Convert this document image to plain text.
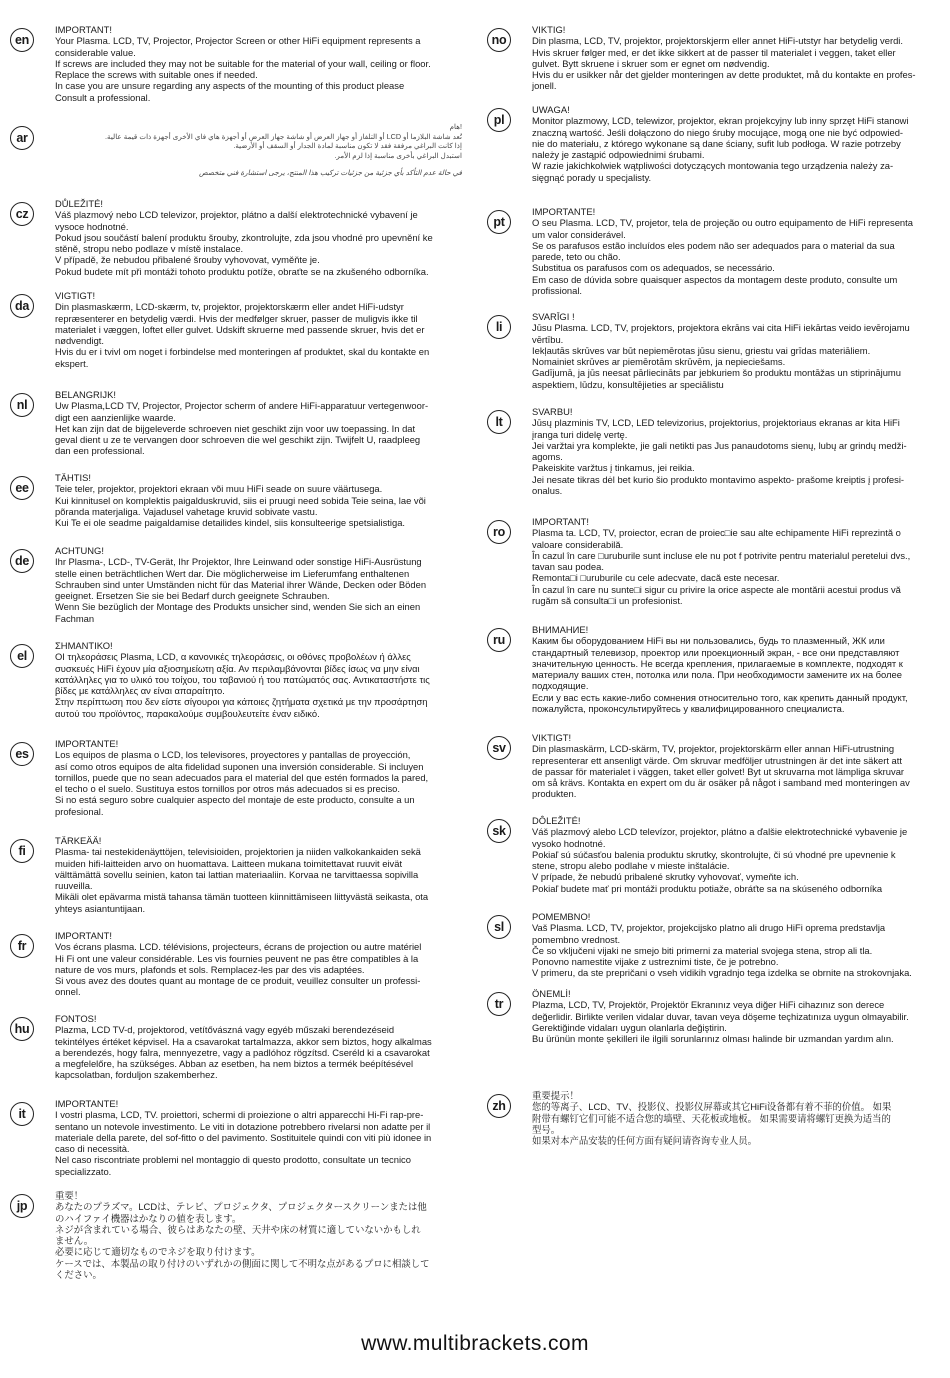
en

IMPORTANT!

Your Plasma. LCD, TV, Projector, Projector Screen or other HiFi equipment represents a
considerable value.
If screws are included they may not be suitable for the material of your wall, ceiling or floor.
Replace the screws with suitable ones if needed.
In case you are unsure regarding any aspects of the mounting of this product please
Consult a professional.

ar

!هام

تُعد شاشة البلازما أو LCD أو التلفاز أو جهاز العرض أو شاشة جهاز العرض أو أجهزة هاي فاي الأخرى أجهزة ذات قيمة عالية.
إذا كانت البراغي مرفقة فقد لا تكون مناسبة لمادة الجدار أو السقف أو الأرضية.
استبدل البراغي بأخرى مناسبة إذا لزم الأمر.

في حالة عدم التأكد بأي جزئية من جزئيات تركيب هذا المنتج، يرجى استشارة فني متخصص

cz

DŮLEŽITÉ!

Váš plazmový nebo LCD televizor, projektor, plátno a další elektrotechnické vybavení je
vysoce hodnotné.
Pokud jsou součástí balení produktu šrouby, zkontrolujte, zda jsou vhodné pro upevnění ke
stěně, stropu nebo podlaze v místě instalace.
V případě, že nebudou přibalené šrouby vyhovovat, vyměňte je.
Pokud budete mít při montáži tohoto produktu potíže, obraťte se na zkušeného odborníka.

da

VIGTIGT!

Din plasmaskærm, LCD-skærm, tv, projektor, projektorskærm eller andet HiFi-udstyr
repræsenterer en betydelig værdi. Hvis der medfølger skruer, passer de muligvis ikke til
materialet i væggen, loftet eller gulvet. Udskift skruerne med passende skruer, hvis det er
nødvendigt.
Hvis du er i tvivl om noget i forbindelse med monteringen af produktet, skal du kontakte en
ekspert.

nl

BELANGRIJK!

Uw Plasma,LCD TV, Projector, Projector scherm of andere HiFi-apparatuur vertegenwoor-
digt een aanzienlijke waarde.
Het kan zijn dat de bijgeleverde schroeven niet geschikt zijn voor uw toepassing. In dat
geval dient u ze te vervangen door schroeven die wel geschikt zijn. Twijfelt U, raadpleeg
dan een professional.

ee

TÄHTIS!

Teie teler, projektor, projektori ekraan või muu HiFi seade on suure väärtusega.
Kui kinnitusel on komplektis paigalduskruvid, siis ei pruugi need sobida Teie seina, lae või
põranda materjaliga. Vajadusel vahetage kruvid sobivate vastu.
Kui Te ei ole seadme paigaldamise detailides kindel, siis konsulteerige spetsialistiga.

de

ACHTUNG!

Ihr Plasma-, LCD-, TV-Gerät, Ihr Projektor, Ihre Leinwand oder sonstige HiFi-Ausrüstung
stelle einen beträchtlichen Wert dar. Die möglicherweise im Lieferumfang enthaltenen
Schrauben sind unter Umständen nicht für das Material ihrer Wände, Decken oder Böden
geeignet. Ersetzen Sie sie bei Bedarf durch geeignete Schrauben.
Wenn Sie bezüglich der Montage des Produkts unsicher sind, wenden Sie sich an einen
Fachman

el

ΣΗΜΑΝΤΙΚΟ!

ΟΙ τηλεοράσεις Plasma, LCD, α κανονικές τηλεοράσεις, οι οθόνες προβολέων ή άλλες
συσκευές HiFi έχουν μία αξιοσημείωτη αξία. Αν περιλαμβάνονται βίδες ίσως να μην είναι
κατάλληλες για το υλικό του τοίχου, του ταβανιού ή του πατώματός σας. Αντικαταστήστε τις
βίδες με κατάλληλες αν είναι απαραίτητο.
Στην περίπτωση που δεν είστε σίγουροι για κάποιες ζητήματα σχετικά με την προσάρτηση
αυτού του προϊόντος, παρακαλούμε συμβουλευτείτε έναν ειδικό.

es

IMPORTANTE!

Los equipos de plasma o LCD, los televisores, proyectores y pantallas de proyección,
así como otros equipos de alta fidelidad suponen una inversión considerable. Si incluyen
tornillos, puede que no sean adecuados para el material del que estén formados la pared,
el techo o el suelo. Sustituya estos tornillos por otros más adecuados si es preciso.
Si no está seguro sobre cualquier aspecto del montaje de este producto, consulte a un
profesional.

fi

TÄRKEÄÄ!

Plasma- tai nestekidenäyttöjen, televisioiden, projektorien ja niiden valkokankaiden sekä
muiden hifi-laitteiden arvo on huomattava. Laitteen mukana toimitettavat ruuvit eivät
välttämättä sovellu seinien, katon tai lattian materiaaliin. Korvaa ne tarvittaessa sopivilla
ruuveilla.
Mikäli olet epävarma mistä tahansa tämän tuotteen kiinnittämiseen liittyvästä seikasta, ota
yhteys asiantuntijaan.

fr

IMPORTANT!

Vos écrans plasma. LCD. télévisions, projecteurs, écrans de projection ou autre matériel
Hi Fi ont une valeur considérable. Les vis fournies peuvent ne pas être compatibles à la
nature de vos murs, plafonds et sols. Remplacez-les par des vis adaptées.
Si vous avez des doutes quant au montage de ce produit, veuillez consulter un professi-
onnel.

hu

FONTOS!

Plazma, LCD TV-d, projektorod, vetítővászná vagy egyéb műszaki berendezéseid
tekintélyes értéket képvisel. Ha a csavarokat tartalmazza, akkor sem biztos, hogy alkalmas
a berendezés, hogy falra, mennyezetre, vagy a padlóhoz rögzítsd. Cseréld ki a csavarokat
a megfelelőre, ha szükséges. Abban az esetben, ha nem biztos a termék beépítésével
kapcsolatban, forduljon szakemberhez.

it

IMPORTANTE!

I vostri plasma, LCD, TV. proiettori, schermi di proiezione o altri apparecchi Hi-Fi rap-pre-
sentano un notevole investimento. Le viti in dotazione potrebbero rivelarsi non adatte per il
materiale della parete, del sof-fitto o del pavimento. Sostituitele quindi con viti più idonee in
caso di necessità.
Nel caso riscontriate problemi nel montaggio di questo prodotto, consultate un tecnico
specializzato.

jp

重要！

あなたのプラズマ。LCDは、テレビ、プロジェクタ、プロジェクタースクリーンまたは他
のハイファイ機器はかなりの値を表します。
ネジが含まれている場合、彼らはあなたの壁、天井や床の材質に適していないかもしれ
ません。
必要に応じて適切なものでネジを取り付けます。
ケースでは、本製品の取り付けのいずれかの側面に関して不明な点があるプロに相談して
ください。

no

VIKTIG!

Din plasma, LCD, TV, projektor, projektorskjerm eller annet HiFi-utstyr har betydelig verdi.
Hvis skruer følger med, er det ikke sikkert at de passer til materialet i veggen, taket eller
gulvet. Bytt skruene i skruer som er egnet om nødvendig.
Hvis du er usikker når det gjelder monteringen av dette produktet, må du kontakte en profes-
jonell.

pl

UWAGA!

Monitor plazmowy, LCD, telewizor, projektor, ekran projekcyjny lub inny sprzęt HiFi stanowi
znaczną wartość. Jeśli dołączono do niego śruby mocujące, mogą one nie być odpowied-
nie do materiału, z którego wykonane są dane ściany, sufit lub podłoga. W razie potrzeby
należy je zastąpić odpowiednimi śrubami.
W razie jakichkolwiek wątpliwości dotyczących montowania tego urządzenia należy za-
sięgnąć porady u specjalisty.

pt

IMPORTANTE!

O seu Plasma. LCD, TV, projetor, tela de projeção ou outro equipamento de HiFi representa
um valor considerável.
Se os parafusos estão incluídos eles podem não ser adequados para o material da sua
parede, teto ou chão.
Substitua os parafusos com os adequados, se necessário.
Em caso de dúvida sobre quaisquer aspectos da montagem deste produto, consulte um
profissional.

li

SVARĪGI !

Jūsu Plasma. LCD, TV, projektors, projektora ekrāns vai cita HiFi iekārtas veido ievērojamu
vērtību.
Iekļautās skrūves var būt nepiemērotas jūsu sienu, griestu vai grīdas materiāliem.
Nomainiet skrūves ar piemērotām skrūvēm, ja nepieciešams.
Gadījumā, ja jūs neesat pārliecināts par jebkuriem šo produktu montāžas un stiprinājumu
aspektiem, lūdzu, konsultējieties ar speciālistu

lt

SVARBU!

Jūsų plazminis TV, LCD, LED televizorius, projektorius, projektoriaus ekranas ar kita HiFi
įranga turi didelę vertę.
Jei varžtai yra komplekte, jie gali netikti pas Jus panaudotoms sienų, lubų ar grindų medži-
agoms.
Pakeiskite varžtus į tinkamus, jei reikia.
Jei nesate tikras dėl bet kurio šio produkto montavimo aspekto- prašome kreiptis į profesi-
onalus.

ro

IMPORTANT!

Plasma ta. LCD, TV, proiector, ecran de proiec□ie sau alte echipamente HiFi reprezintă o
valoare considerabilă.
În cazul în care □uruburile sunt incluse ele nu pot f potrivite pentru materialul peretelui dvs.,
tavan sau podea.
Remonta□i □uruburile cu cele adecvate, dacă este necesar.
În cazul în care nu sunte□i sigur cu privire la orice aspecte ale montării acestui produs vă
rugăm să consulta□i un profesionist.

ru

ВНИМАНИЕ!

Каким бы оборудованием HiFi вы ни пользовались, будь то плазменный, ЖК или
стандартный телевизор, проектор или проекционный экран, - все они представляют
значительную ценность. Не всегда крепления, прилагаемые в комплекте, подходят к
материалу ваших стен, потолка или пола. При необходимости замените их на более
подходящие.
Если у вас есть какие-либо сомнения относительно того, как крепить данный продукт,
пожалуйста, проконсультируйтесь у квалифицированного специалиста.

sv

VIKTIGT!

Din plasmaskärm, LCD-skärm, TV, projektor, projektorskärm eller annan HiFi-utrustning
representerar ett ansenligt värde. Om skruvar medföljer utrustningen är det inte säkert att
de passar för materialet i väggen, taket eller golvet! Byt ut skruvarna mot lämpliga skruvar
om så krävs. Kontakta en expert om du är osäker på något i samband med monteringen av
produkten.

sk

DÔLEŽITÉ!

Váš plazmový alebo LCD televízor, projektor, plátno a ďalšie elektrotechnické vybavenie je
vysoko hodnotné.
Pokiaľ sú súčasťou balenia produktu skrutky, skontrolujte, či sú vhodné pre upevnenie k
stene, stropu alebo podlahe v mieste inštalácie.
V prípade, že nebudú pribalené skrutky vyhovovať, vymeňte ich.
Pokiaľ budete mať pri montáži produktu potiaže, obráťte sa na skúseného odborníka

sl

POMEMBNO!

Vaš Plasma. LCD, TV, projektor, projekcijsko platno ali drugo HiFi oprema predstavlja
pomembno vrednost.
Če so vključeni vijaki ne smejo biti primerni za material svojega stena, strop ali tla.
Ponovno namestite vijake z ustreznimi tiste, če je potrebno.
V primeru, da ste prepričani o vseh vidikih vgradnjo tega izdelka se obrnite na strokovnjaka.

tr

ÖNEMLİ!

Plazma, LCD, TV, Projektör, Projektör Ekranınız veya diğer HiFi cihazınız son derece
değerlidir. Birlikte verilen vidalar duvar, tavan veya döşeme teçhizatınıza uygun olmayabilir.
Gerektiğinde vidaları uygun olanlarla değiştirin.
Bu ürünün monte şekilleri ile ilgili sorunlarınız olması halinde bir uzmandan yardım alın.

zh

重要提示！

您的等离子、LCD、TV、投影仪、投影仪屏幕或其它HiFi设备都有着不菲的价值。 如果
附带有螺钉它们可能不适合您的墙壁、天花板或地板。 如果需要请将螺钉更换为适当的
型号。
如果对本产品安装的任何方面有疑问请咨询专业人员。

www.multibrackets.com
